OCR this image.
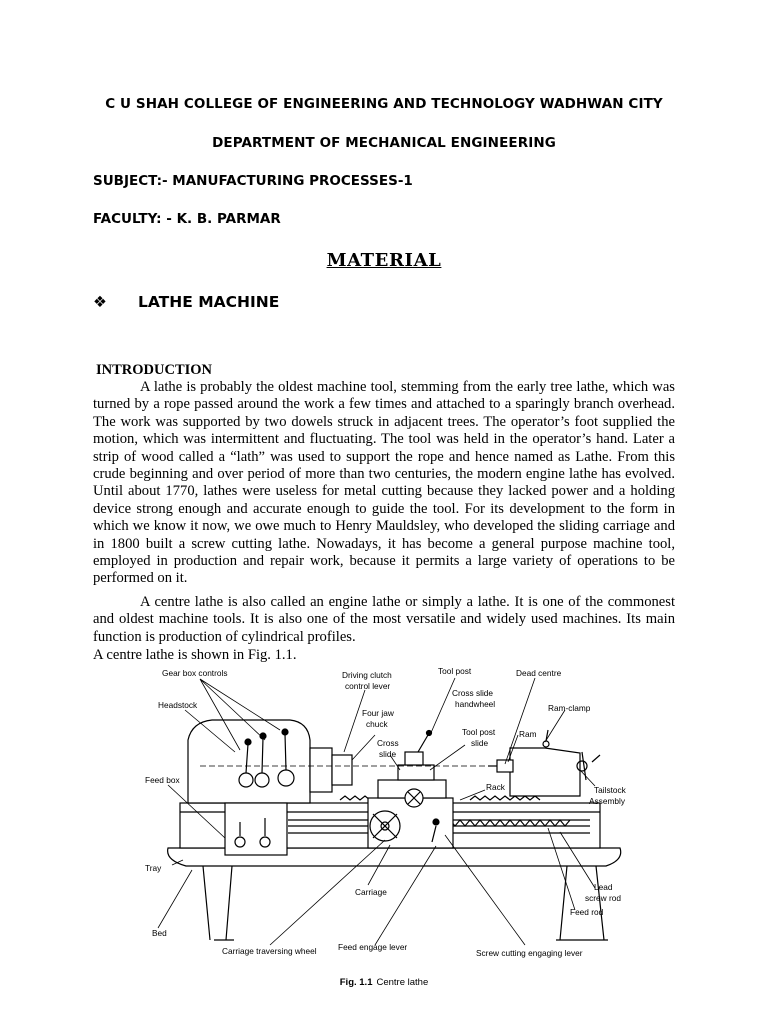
C U SHAH COLLEGE OF ENGINEERING AND TECHNOLOGY WADHWAN CITY
DEPARTMENT OF MECHANICAL ENGINEERING
SUBJECT:- MANUFACTURING PROCESSES-1
FACULTY: - K. B. PARMAR
MATERIAL
❖ LATHE MACHINE
INTRODUCTION

A lathe is probably the oldest machine tool, stemming from the early tree lathe, which was turned by a rope passed around the work a few times and attached to a sparingly branch overhead. The work was supported by two dowels struck in adjacent trees. The operator’s foot supplied the motion, which was intermittent and fluctuating. The tool was held in the operator’s hand. Later a strip of wood called a “lath” was used to support the rope and hence named as Lathe. From this crude beginning and over period of more than two centuries, the modern engine lathe has evolved. Until about 1770, lathes were useless for metal cutting because they lacked power and a holding device strong enough and accurate enough to guide the tool. For its development to the form in which we know it now, we owe much to Henry Mauldsley, who developed the sliding carriage and in 1800 built a screw cutting lathe. Nowadays, it has become a general purpose machine tool, employed in production and repair work, because it permits a large variety of operations to be performed on it.

A centre lathe is also called an engine lathe or simply a lathe. It is one of the commonest and oldest machine tools. It is also one of the most versatile and widely used machines. Its main function is production of cylindrical profiles.

A centre lathe is shown in Fig. 1.1.

Gear box controls	Driving clutch
control lever
Tool post	Dead centre
Cross slide
handwheel	Ram-clamp
Headstock
Four jaw
chuck
Tool post
slide
Ram
Cross
slide
Feed box
Rack	Tailstock
Assembly
Tray
Carriage	Lead
screw rod
Feed rod
Bed
Carriage traversing wheel	Feed engage lever
Screw cutting engaging lever
Fig. 1.1 Centre lathe
